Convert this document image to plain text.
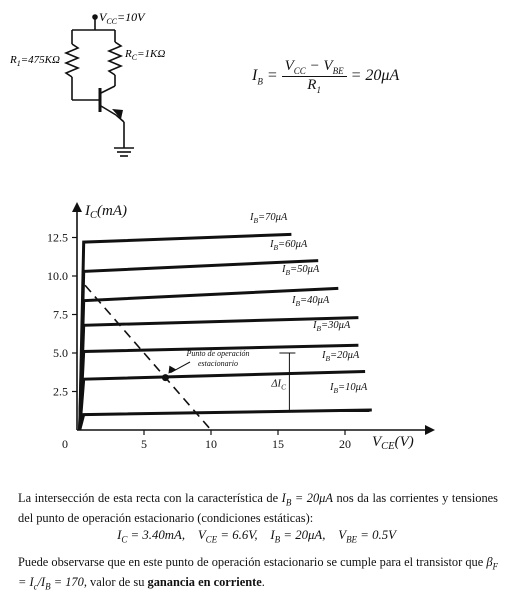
$V_{CC}=10V$
$R_1=475K\Omega$	$R_C=1K\Omega$
$I_B = \frac{V_{CC} - V_{BE}}{R_1} = 20\mu A$
$I_C(mA)$
$V_{CE}(V)$
2.5
5.0
7.5
10.0
12.5
0	5	10	15	20
$I_B=10\mu A$
$I_B=20\mu A$
$I_B=30\mu A$
$I_B=40\mu A$
$I_B=50\mu A$
$I_B=60\mu A$
$I_B=70\mu A$
Punto de operación
estacionario
$\Delta I_C$
La intersección de esta recta con la característica de $I_B = 20\mu A$ nos da las corrientes y tensiones del punto de operación estacionario (condiciones estáticas):
$I_C = 3.40mA$, $V_{CE} = 6.6V$, $I_B = 20\mu A$, $V_{BE} = 0.5V$
Puede observarse que en este punto de operación estacionario se cumple para el transistor que $\beta_F = I_c/I_B = 170$, valor de su ganancia en corriente.
